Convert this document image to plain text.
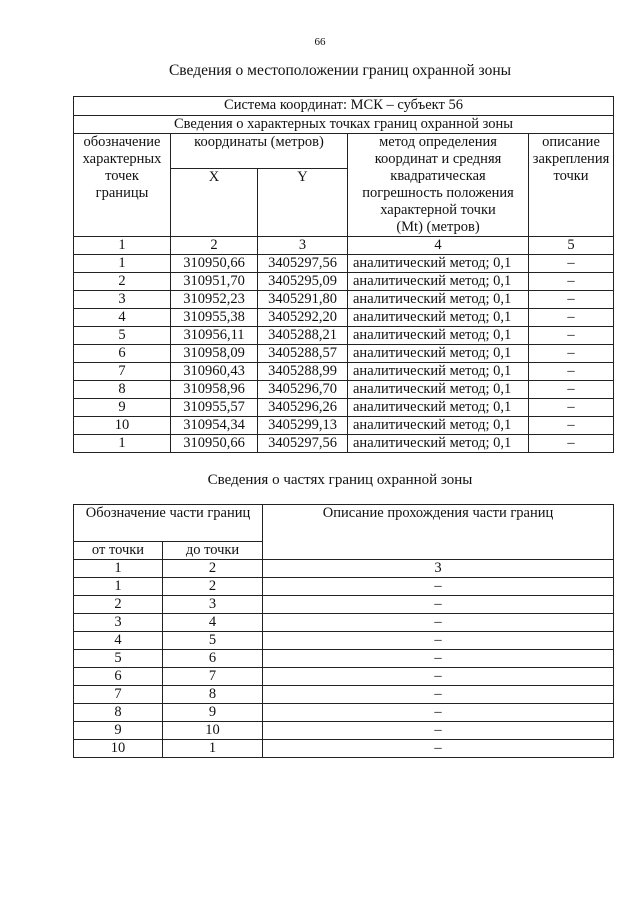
66
Сведения о местоположении границ охранной зоны
Система координат: МСК – субъект 56				
Сведения о характерных точках границ охранной зоны				

обозначение
характерных
точек
границы
	координаты (метров)	метод определения
координат и средняя
квадратическая
погрешность положения
характерной точки
(Mt) (метров)

описание
закрепления
точки

	X	Y		
1	2	3	4	5
1	310950,66	3405297,56	аналитический метод; 0,1	–
2	310951,70	3405295,09	аналитический метод; 0,1	–
3	310952,23	3405291,80	аналитический метод; 0,1	–
4	310955,38	3405292,20	аналитический метод; 0,1	–
5	310956,11	3405288,21	аналитический метод; 0,1	–
6	310958,09	3405288,57	аналитический метод; 0,1	–
7	310960,43	3405288,99	аналитический метод; 0,1	–
8	310958,96	3405296,70	аналитический метод; 0,1	–
9	310955,57	3405296,26	аналитический метод; 0,1	–
10	310954,34	3405299,13	аналитический метод; 0,1	–
1	310950,66	3405297,56	аналитический метод; 0,1	–
Сведения о частях границ охранной зоны
Обозначение части границ		Описание прохождения части границ
от точки	до точки	
1	2	3
1	2	–
2	3	–
3	4	–
4	5	–
5	6	–
6	7	–
7	8	–
8	9	–
9	10	–
10	1	–
